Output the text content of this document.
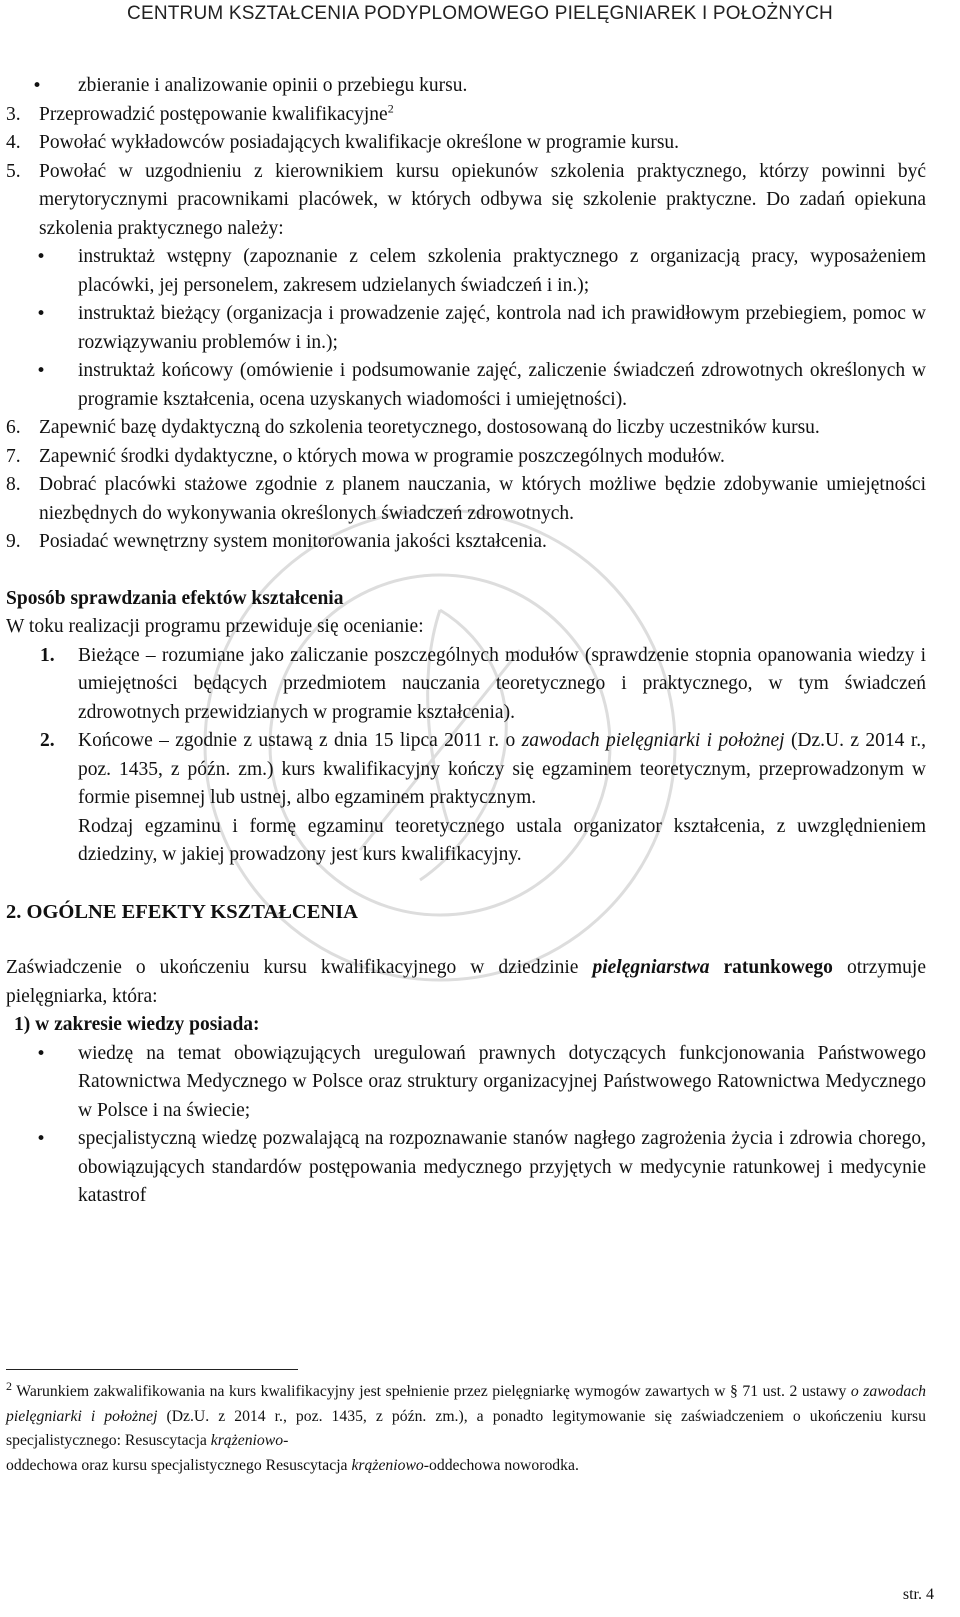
CENTRUM KSZTAŁCENIA PODYPLOMOWEGO PIELĘGNIAREK I POŁOŻNYCH
• zbieranie i analizowanie opinii o przebiegu kursu.
3. Przeprowadzić postępowanie kwalifikacyjne$^2$
4. Powołać wykładowców posiadających kwalifikacje określone w programie kursu.
5. Powołać w uzgodnieniu z kierownikiem kursu opiekunów szkolenia praktycznego, którzy powinni być merytorycznymi pracownikami placówek, w których odbywa się szkolenie praktyczne. Do zadań opiekuna szkolenia praktycznego należy:
• instruktaż wstępny (zapoznanie z celem szkolenia praktycznego z organizacją pracy, wyposażeniem placówki, jej personelem, zakresem udzielanych świadczeń i in.);
• instruktaż bieżący (organizacja i prowadzenie zajęć, kontrola nad ich prawidłowym przebiegiem, pomoc w rozwiązywaniu problemów i in.);
• instruktaż końcowy (omówienie i podsumowanie zajęć, zaliczenie świadczeń zdrowotnych określonych w programie kształcenia, ocena uzyskanych wiadomości i umiejętności).
6. Zapewnić bazę dydaktyczną do szkolenia teoretycznego, dostosowaną do liczby uczestników kursu.
7. Zapewnić środki dydaktyczne, o których mowa w programie poszczególnych modułów.
8. Dobrać placówki stażowe zgodnie z planem nauczania, w których możliwe będzie zdobywanie umiejętności niezbędnych do wykonywania określonych świadczeń zdrowotnych.
9. Posiadać wewnętrzny system monitorowania jakości kształcenia.
Sposób sprawdzania efektów kształcenia
W toku realizacji programu przewiduje się ocenianie:
1. Bieżące – rozumiane jako zaliczanie poszczególnych modułów (sprawdzenie stopnia opanowania wiedzy i umiejętności będących przedmiotem nauczania teoretycznego i praktycznego, w tym świadczeń zdrowotnych przewidzianych w programie kształcenia).
2. Końcowe – zgodnie z ustawą z dnia 15 lipca 2011 r. o zawodach pielęgniarki i położnej (Dz.U. z 2014 r., poz. 1435, z późn. zm.) kurs kwalifikacyjny kończy się egzaminem teoretycznym, przeprowadzonym w formie pisemnej lub ustnej, albo egzaminem praktycznym.
Rodzaj egzaminu i formę egzaminu teoretycznego ustala organizator kształcenia, z uwzględnieniem dziedziny, w jakiej prowadzony jest kurs kwalifikacyjny.
2. OGÓLNE EFEKTY KSZTAŁCENIA
Zaświadczenie o ukończeniu kursu kwalifikacyjnego w dziedzinie pielęgniarstwa ratunkowego otrzymuje pielęgniarka, która:
1) w zakresie wiedzy posiada:
• wiedzę na temat obowiązujących uregulowań prawnych dotyczących funkcjonowania Państwowego Ratownictwa Medycznego w Polsce oraz struktury organizacyjnej Państwowego Ratownictwa Medycznego w Polsce i na świecie;
• specjalistyczną wiedzę pozwalającą na rozpoznawanie stanów nagłego zagrożenia życia i zdrowia chorego, obowiązujących standardów postępowania medycznego przyjętych w medycynie ratunkowej i medycynie katastrof
$^2$ Warunkiem zakwalifikowania na kurs kwalifikacyjny jest spełnienie przez pielęgniarkę wymogów zawartych w § 71 ust. 2 ustawy o zawodach pielęgniarki i położnej (Dz.U. z 2014 r., poz. 1435, z późn. zm.), a ponadto legitymowanie się zaświadczeniem o ukończeniu kursu specjalistycznego: Resuscytacja krążeniowo-
oddechowa oraz kursu specjalistycznego Resuscytacja krążeniowo-oddechowa noworodka.
str. 4
